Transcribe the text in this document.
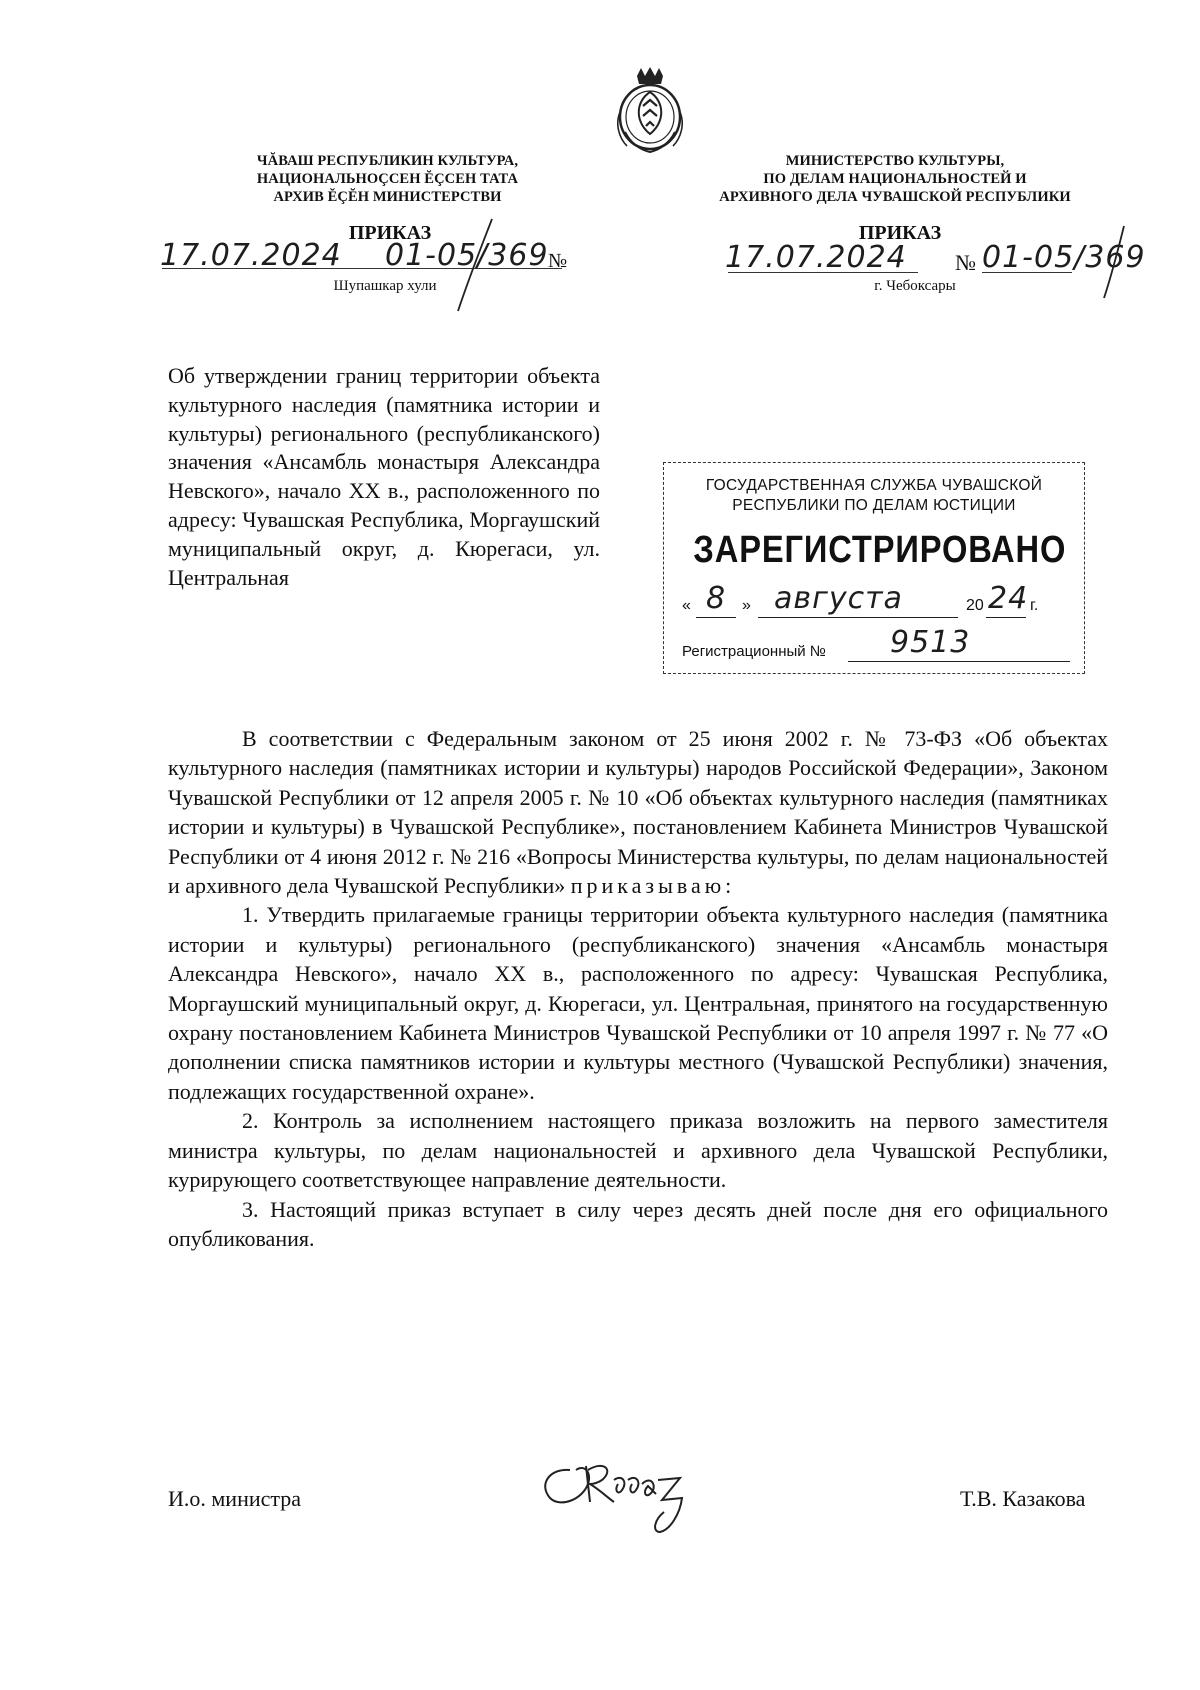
ЧĂВАШ РЕСПУБЛИКИН КУЛЬТУРА,

НАЦИОНАЛЬНОÇСЕН ĔÇСЕН ТАТА

АРХИВ ĔÇĔН МИНИСТЕРСТВИ

МИНИСТЕРСТВО КУЛЬТУРЫ,

ПО ДЕЛАМ НАЦИОНАЛЬНОСТЕЙ И

АРХИВНОГО ДЕЛА ЧУВАШСКОЙ РЕСПУБЛИКИ

ПРИКАЗ
17.07.2024 01-05/369 №
Шупашкар хули
ПРИКАЗ
17.07.2024 № 01-05/369
г. Чебоксары

Об утверждении границ территории объекта культурного наследия (памятника истории и культуры) регионального (республиканского) значения «Ансамбль монастыря Александра Невского», начало XX в., расположенного по адресу: Чувашская Республика, Моргаушский муниципальный округ, д. Кюрегаси, ул. Центральная

ГОСУДАРСТВЕННАЯ СЛУЖБА ЧУВАШСКОЙ
РЕСПУБЛИКИ ПО ДЕЛАМ ЮСТИЦИИ
ЗАРЕГИСТРИРОВАНО
« 8 » августа	20 24 г.
Регистрационный № 9513

В соответствии с Федеральным законом от 25 июня 2002 г. № 73-ФЗ «Об объектах культурного наследия (памятниках истории и культуры) народов Российской Федерации», Законом Чувашской Республики от 12 апреля 2005 г. № 10 «Об объектах культурного наследия (памятниках истории и культуры) в Чувашской Республике», постановлением Кабинета Министров Чувашской Республики от 4 июня 2012 г. № 216 «Вопросы Министерства культуры, по делам национальностей и архивного дела Чувашской Республики» приказываю:

1. Утвердить прилагаемые границы территории объекта культурного наследия (памятника истории и культуры) регионального (республиканского) значения «Ансамбль монастыря Александра Невского», начало XX в., расположенного по адресу: Чувашская Республика, Моргаушский муниципальный округ, д. Кюрегаси, ул. Центральная, принятого на государственную охрану постановлением Кабинета Министров Чувашской Республики от 10 апреля 1997 г. № 77 «О дополнении списка памятников истории и культуры местного (Чувашской Республики) значения, подлежащих государственной охране».

2. Контроль за исполнением настоящего приказа возложить на первого заместителя министра культуры, по делам национальностей и архивного дела Чувашской Республики, курирующего соответствующее направление деятельности.

3. Настоящий приказ вступает в силу через десять дней после дня его официального опубликования.

И.о. министра	Т.В. Казакова
